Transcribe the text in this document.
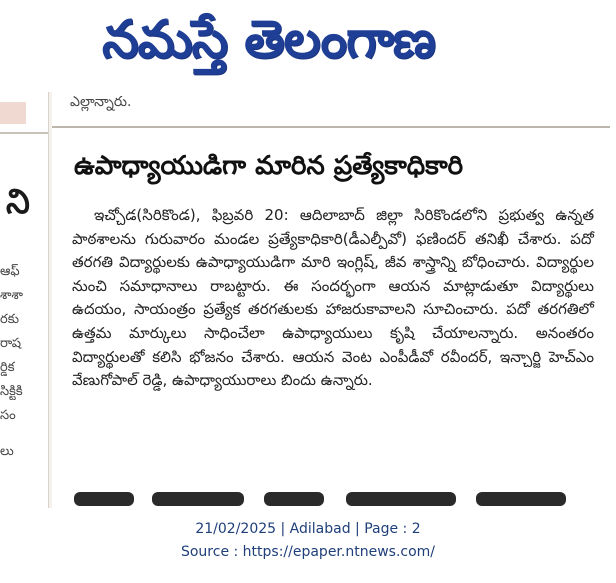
నమస్తే తెలంగాణ
ని
ఆఫ్
శాశా
రకు
రాష
ర్డిక
సిక్టికి
సం
లు
ఎల్లాన్నారు.
ఉపాధ్యాయుడిగా మారిన ప్రత్యేకాధికారి

ఇచ్చోడ(సిరికొండ), ఫిబ్రవరి 20: ఆదిలాబాద్ జిల్లా సిరికొండలోని ప్రభుత్వ ఉన్నత పాఠశాలను గురువారం మండల ప్రత్యేకాధికారి(డీఎల్పీవో) ఫణిందర్ తనిఖీ చేశారు. పదో తరగతి విద్యార్థులకు ఉపాధ్యాయుడిగా మారి ఇంగ్లిష్, జీవ శాస్త్రాన్ని బోధించారు. విద్యార్థుల నుంచి సమాధానాలు రాబట్టారు. ఈ సందర్భంగా ఆయన మాట్లాడుతూ విద్యార్థులు ఉదయం, సాయంత్రం ప్రత్యేక తరగతులకు హాజరుకావాలని సూచించారు. పదో తరగతిలో ఉత్తమ మార్కులు సాధించేలా ఉపాధ్యాయులు కృషి చేయాలన్నారు. అనంతరం విద్యార్థులతో కలిసి భోజనం చేశారు. ఆయన వెంట ఎంపీడీవో రవీందర్, ఇన్చార్జి హెచ్ఎం వేణుగోపాల్ రెడ్డి, ఉపాధ్యాయురాలు బిందు ఉన్నారు.

21/02/2025 | Adilabad | Page : 2
Source : https://epaper.ntnews.com/
